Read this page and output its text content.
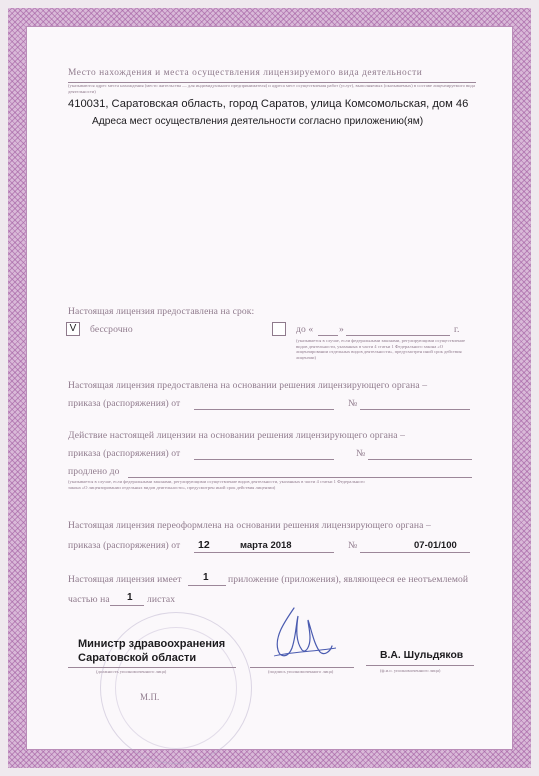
Место нахождения и места осуществления лицензируемого вида деятельности
(указываются адрес места нахождения (место жительства — для индивидуального предпринимателя) и адреса мест осуществления работ (услуг), выполняемых (оказываемых) в составе лицензируемого вида деятельности)
410031, Саратовская область, город Саратов, улица Комсомольская, дом 46
Адреса мест осуществления деятельности согласно приложению(ям)
Настоящая лицензия предоставлена на срок:
V	бессрочно	до «	»	г.
(указывается в случае, если федеральными законами, регулирующими осуществление видов деятельности, указанных в части 4 статьи 1 Федерального закона «О лицензировании отдельных видов деятельности», предусмотрен иной срок действия лицензии)
Настоящая лицензия предоставлена на основании решения лицензирующего органа –
приказа (распоряжения) от	№
Действие настоящей лицензии на основании решения лицензирующего органа –
приказа (распоряжения) от	№
продлено до
(указывается в случае, если федеральными законами, регулирующими осуществление видов деятельности, указанных в части 4 статьи 1 Федерального закона «О лицензировании отдельных видов деятельности», предусмотрен иной срок действия лицензии)
Настоящая лицензия переоформлена на основании решения лицензирующего органа –
приказа (распоряжения) от 12	марта 2018	№	07-01/100
Настоящая лицензия имеет 1 приложение (приложения), являющееся ее неотъемлемой
частью на 1 листах
Министр здравоохранения
Саратовской области
(должность уполномоченного лица)	(подпись уполномоченного лица)
В.А. Шульдяков
(ф.и.о. уполномоченного лица)
М.П.
